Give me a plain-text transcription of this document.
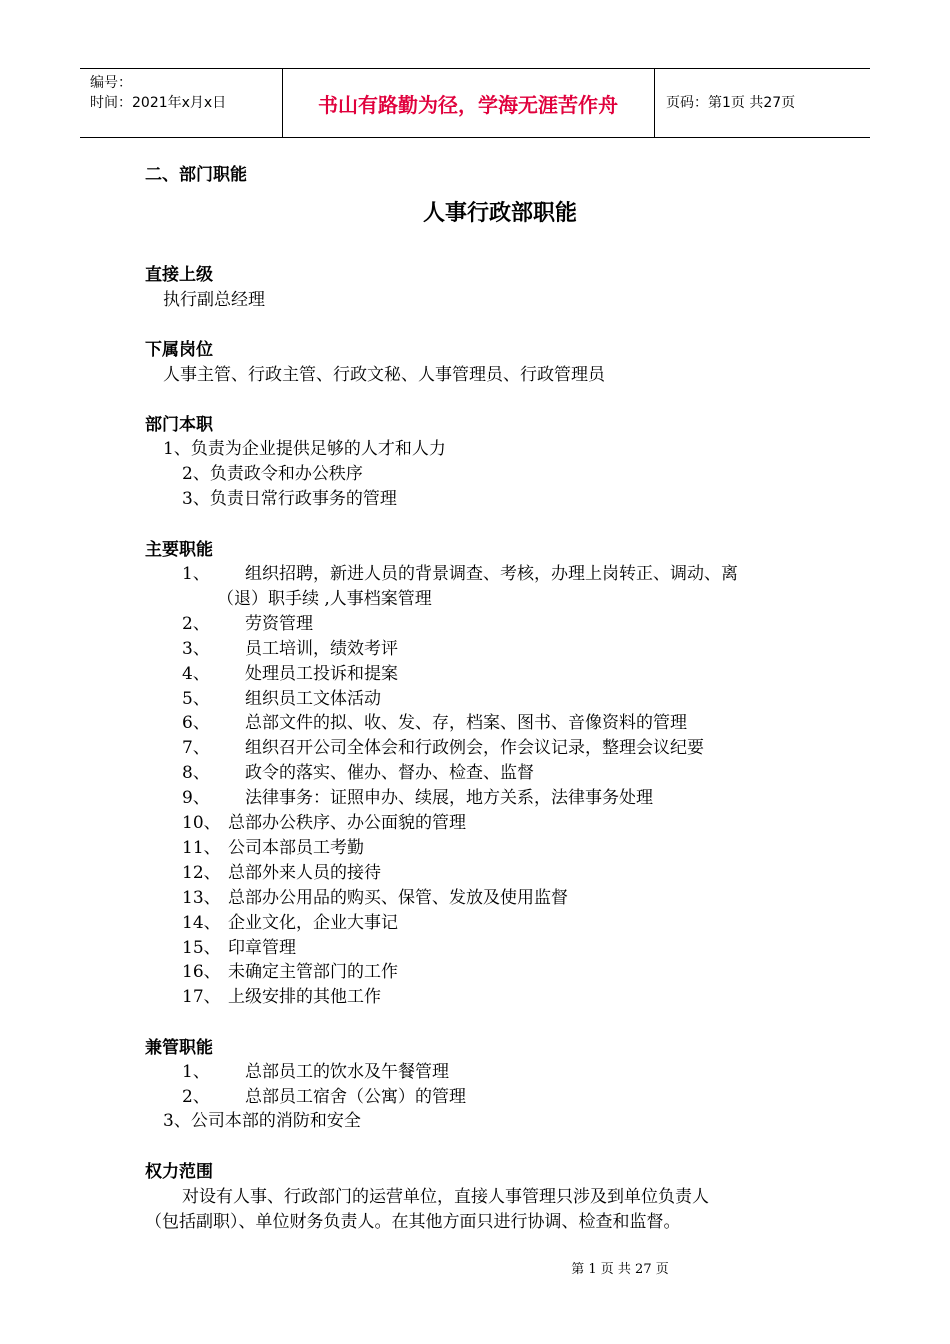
编号：
时间：2021年x月x日	书山有路勤为径，学海无涯苦作舟	页码：第1页 共27页
二、部门职能
人事行政部职能
直接上级
执行副总经理
下属岗位
人事主管、行政主管、行政文秘、人事管理员、行政管理员
部门本职
1、负责为企业提供足够的人才和人力
2、负责政令和办公秩序
3、负责日常行政事务的管理
主要职能
1、 组织招聘，新进人员的背景调查、考核，办理上岗转正、调动、离
（退）职手续 ,人事档案管理
2、 劳资管理
3、 员工培训，绩效考评
4、 处理员工投诉和提案
5、 组织员工文体活动
6、 总部文件的拟、收、发、存，档案、图书、音像资料的管理
7、 组织召开公司全体会和行政例会，作会议记录，整理会议纪要
8、 政令的落实、催办、督办、检查、监督
9、 法律事务：证照申办、续展，地方关系，法律事务处理
10、 总部办公秩序、办公面貌的管理
11、 公司本部员工考勤
12、 总部外来人员的接待
13、 总部办公用品的购买、保管、发放及使用监督
14、 企业文化，企业大事记
15、 印章管理
16、 未确定主管部门的工作
17、 上级安排的其他工作
兼管职能
1、 总部员工的饮水及午餐管理
2、 总部员工宿舍（公寓）的管理
3、公司本部的消防和安全
权力范围
对设有人事、行政部门的运营单位，直接人事管理只涉及到单位负责人
（包括副职）、单位财务负责人。在其他方面只进行协调、检查和监督。
第 1 页 共 27 页
